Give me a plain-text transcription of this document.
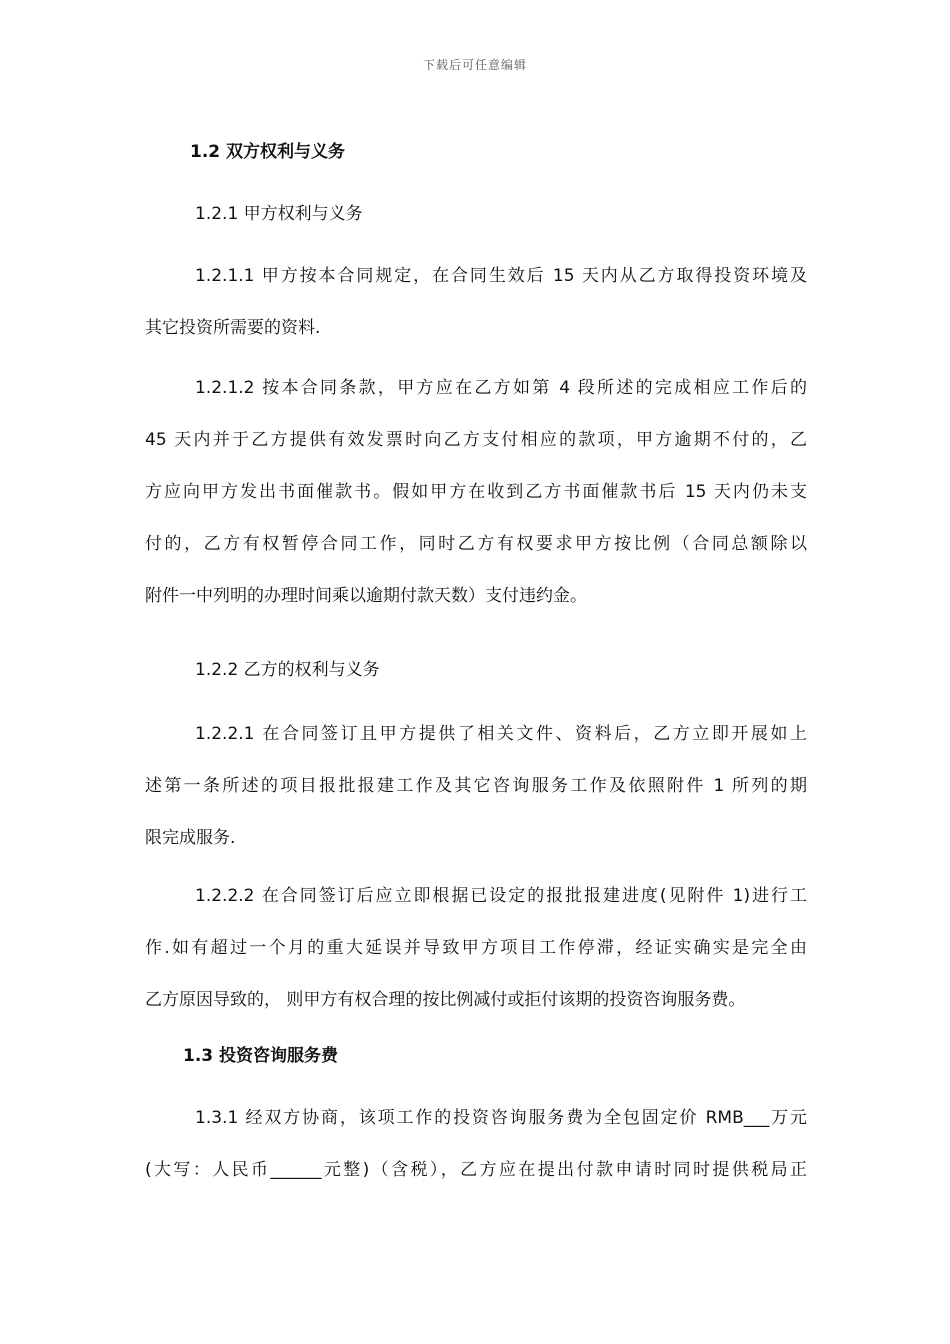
下载后可任意编辑
1.2 双方权利与义务
1.2.1 甲方权利与义务
1.2.1.1 甲方按本合同规定，在合同生效后 15 天内从乙方取得投资环境及
其它投资所需要的资料.
1.2.1.2 按本合同条款，甲方应在乙方如第 4 段所述的完成相应工作后的
45 天内并于乙方提供有效发票时向乙方支付相应的款项，甲方逾期不付的，乙
方应向甲方发出书面催款书。假如甲方在收到乙方书面催款书后 15 天内仍未支
付的，乙方有权暂停合同工作，同时乙方有权要求甲方按比例（合同总额除以
附件一中列明的办理时间乘以逾期付款天数）支付违约金。
1.2.2 乙方的权利与义务
1.2.2.1 在合同签订且甲方提供了相关文件、资料后，乙方立即开展如上
述第一条所述的项目报批报建工作及其它咨询服务工作及依照附件 1 所列的期
限完成服务.
1.2.2.2 在合同签订后应立即根据已设定的报批报建进度(见附件 1)进行工
作.如有超过一个月的重大延误并导致甲方项目工作停滞，经证实确实是完全由
乙方原因导致的， 则甲方有权合理的按比例减付或拒付该期的投资咨询服务费。
1.3 投资咨询服务费
1.3.1 经双方协商，该项工作的投资咨询服务费为全包固定价 RMB___万元
(大写：人民币______元整)（含税），乙方应在提出付款申请时同时提供税局正
